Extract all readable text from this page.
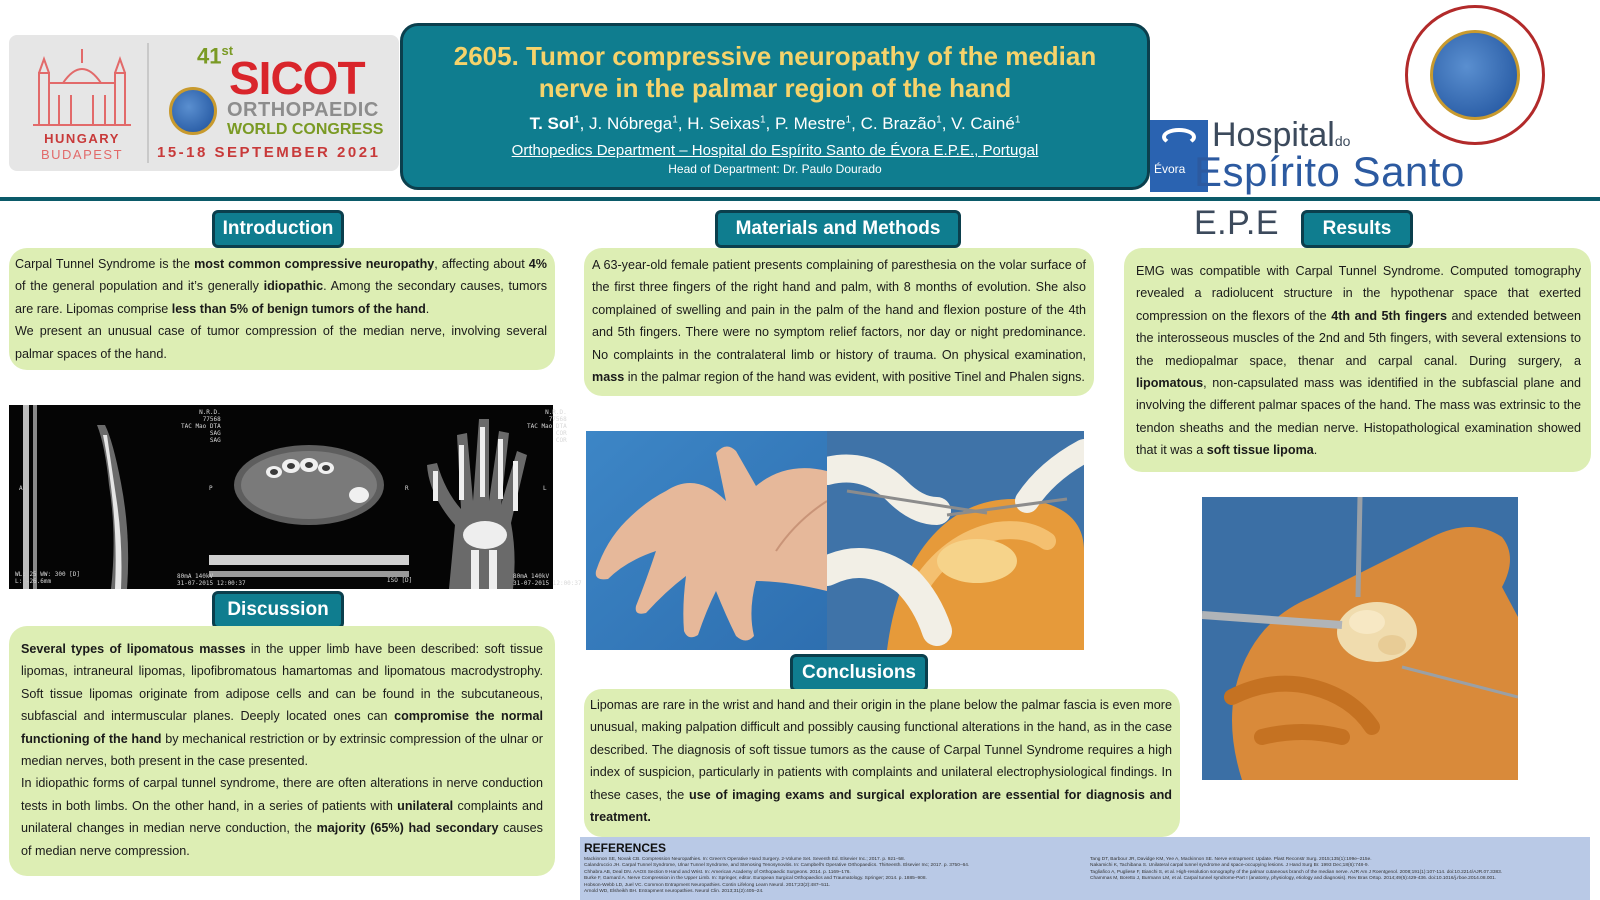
HUNGARY
BUDAPEST
41st
SICOT
ORTHOPAEDIC
WORLD CONGRESS
15-18 SEPTEMBER 2021
2605. Tumor compressive neuropathy of the median nerve in the palmar region of the hand
T. Sol$^1$, J. Nóbrega$^1$, H. Seixas$^1$, P. Mestre$^1$, C. Brazão$^1$, V. Cainé$^1$
Orthopedics Department – Hospital do Espírito Santo de Évora E.P.E., Portugal
Head of Department: Dr. Paulo Dourado	Évora
Hospitaldo
Espírito Santo E.P.E
Introduction

Carpal Tunnel Syndrome is the most common compressive neuropathy, affecting about 4% of the general population and it’s generally idiopathic. Among the secondary causes, tumors are rare. Lipomas comprise less than 5% of benign tumors of the hand.

We present an unusual case of tumor compression of the median nerve, involving several palmar spaces of the hand.

WL: 25 WW: 300 [D]
L: -26.6mm
N.R.D.
77568
TAC Mao DTA
SAG
SAG
80mA 140kV
31-07-2015 12:00:37
N.R.D.
77568
TAC Mao DTA
COR
COR
80mA 140kV
31-07-2015 12:00:37
ISO [D]
A	P	R	L
Discussion

Several types of lipomatous masses in the upper limb have been described: soft tissue lipomas, intraneural lipomas, lipofibromatous hamartomas and lipomatous macrodystrophy. Soft tissue lipomas originate from adipose cells and can be found in the subcutaneous, subfascial and intermuscular planes. Deeply located ones can compromise the normal functioning of the hand by mechanical restriction or by extrinsic compression of the ulnar or median nerves, both present in the case presented.

In idiopathic forms of carpal tunnel syndrome, there are often alterations in nerve conduction tests in both limbs. On the other hand, in a series of patients with unilateral complaints and unilateral changes in median nerve conduction, the majority (65%) had secondary causes of median nerve compression.

Materials and Methods

A 63-year-old female patient presents complaining of paresthesia on the volar surface of the first three fingers of the right hand and palm, with 8 months of evolution. She also complained of swelling and pain in the palm of the hand and flexion posture of the 4th and 5th fingers. There were no symptom relief factors, nor day or night predominance. No complaints in the contralateral limb or history of trauma. On physical examination, mass in the palmar region of the hand was evident, with positive Tinel and Phalen signs.

Conclusions

Lipomas are rare in the wrist and hand and their origin in the plane below the palmar fascia is even more unusual, making palpation difficult and possibly causing functional alterations in the hand, as in the case described. The diagnosis of soft tissue tumors as the cause of Carpal Tunnel Syndrome requires a high index of suspicion, particularly in patients with complaints and unilateral electrophysiological findings. In these cases, the use of imaging exams and surgical exploration are essential for diagnosis and treatment.

Results

EMG was compatible with Carpal Tunnel Syndrome. Computed tomography revealed a radiolucent structure in the hypothenar space that exerted compression on the flexors of the 4th and 5th fingers and extended between the interosseous muscles of the 2nd and 5th fingers, with several extensions to the mediopalmar space, thenar and carpal canal. During surgery, a lipomatous, non-capsulated mass was identified in the subfascial plane and involving the different palmar spaces of the hand. The mass was extrinsic to the tendon sheaths and the median nerve. Histopathological examination showed that it was a soft tissue lipoma.

REFERENCES
Mackinnon SE, Novak CB. Compression Neuropathies. In: Green's Operative Hand Surgery. 2-Volume Set. Seventh Ed. Elsevier Inc.; 2017. p. 921–58.
Calandruccio JH. Carpal Tunnel Syndrome, Ulnar Tunnel Syndrome, and Stenosing Tenosynovitis. In: Campbell's Operative Orthopaedics. Thirteenth. Elsevier Inc; 2017. p. 3750–64.
Chhabra AB, Deal DN. AAOS Section 9 Hand and Wrist. In: American Academy of Orthopaedic Surgeons. 2014. p. 1169–176.
Burke F, Garnard A. Nerve Compression in the Upper Limb. In: Springer, editor. European Surgical Orthopaedics and Traumatology. Springer; 2014. p. 1885–908.
Hobson-Webb LD, Juel VC. Common Entrapment Neuropathies. Contin Lifelong Learn Neurol. 2017;23(2):487–511.
Arnold WD, Elsheikh BH. Entrapment neuropathies. Neurol Clin. 2013;31(2):405–24.
Tang DT, Barbour JR, Davidge KM, Yee A, Mackinnon SE. Nerve entrapment: Update. Plast Reconstr Surg. 2015;135(1):199e–215e.
Nakamichi K, Tachibana S. Unilateral carpal tunnel syndrome and space-occupying lesions. J Hand Surg Br. 1993 Dec;18(6):748-9.
Tagliafico A, Pugliese F, Bianchi S, et al. High-resolution sonography of the palmar cutaneous branch of the median nerve. AJR Am J Roentgenol. 2008;191(1):107-114. doi:10.2214/AJR.07.3383.
Chammas M, Boretto J, Burmann LM, et al. Carpal tunnel syndrome-Part I (anatomy, physiology, etiology and diagnosis). Rev Bras Ortop. 2014;49(5):429-436. doi:10.1016/j.rboe.2014.08.001.
